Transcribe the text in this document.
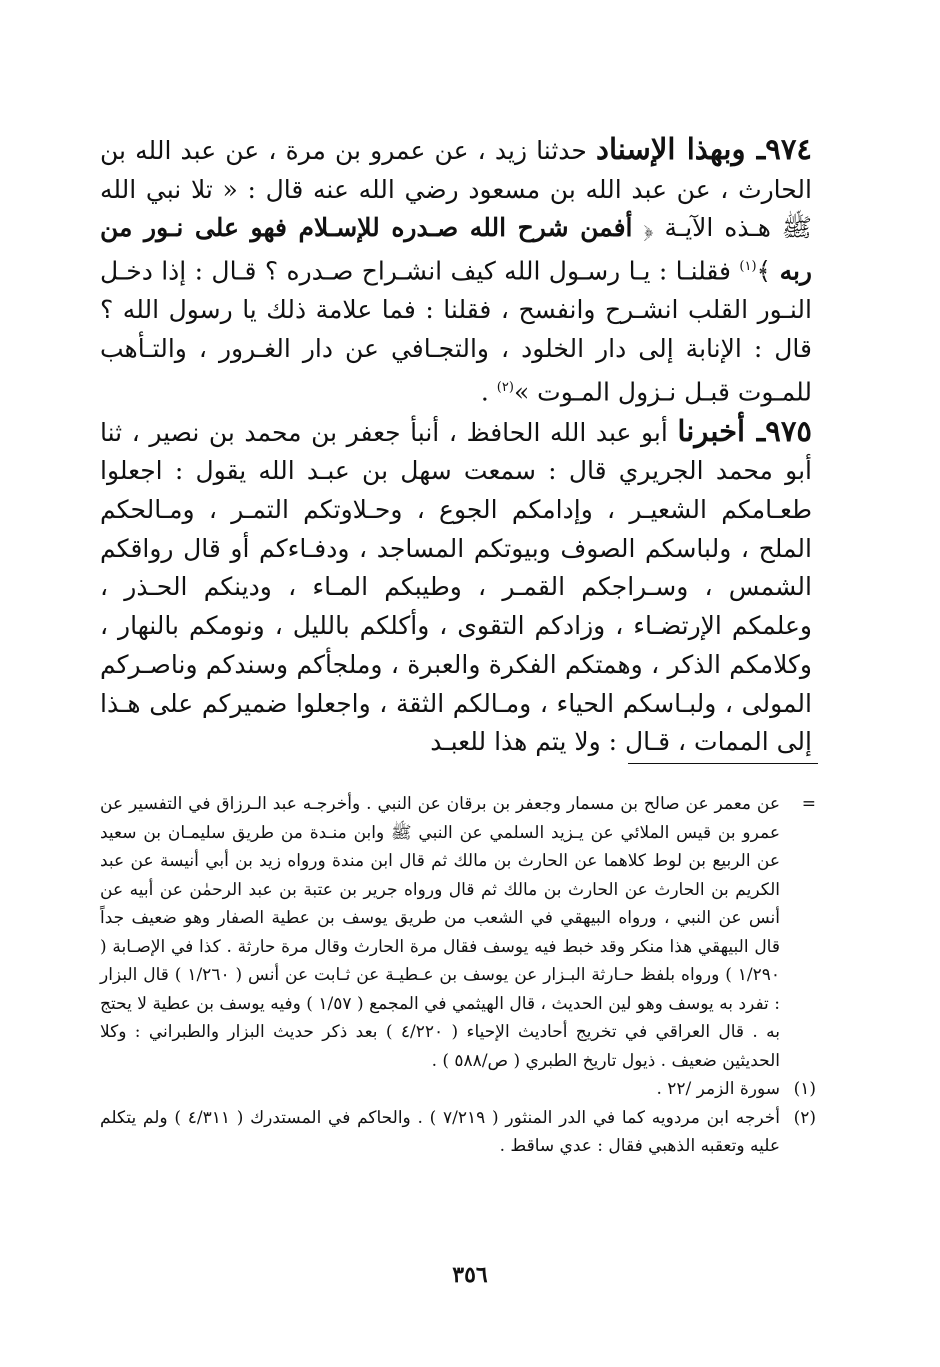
٩٧٤ـ وبهذا الإسناد حدثنا زيد ، عن عمرو بن مرة ، عن عبد الله بن الحارث ، عن عبد الله بن مسعود رضي الله عنه قال : « تلا نبي الله ﷺ هـذه الآيـة ﴿ أفمن شرح الله صـدره للإسـلام فهو على نـور من ربه ﴾$^{(١)}$ فقلنـا : يـا رسـول الله كيف انشـراح صـدره ؟ قـال : إذا دخـل النـور القلب انشـرح وانفسح ، فقلنا : فما علامة ذلك يا رسول الله ؟ قال : الإنابة إلى دار الخلود ، والتجـافي عن دار الغـرور ، والتـأهب للمـوت قبـل نـزول المـوت »$^{(٢)}$ .

٩٧٥ـ أخبرنا أبو عبد الله الحافظ ، أنبأ جعفر بن محمد بن نصير ، ثنا أبو محمد الجريري قال : سمعت سهل بن عبـد الله يقول : اجعلوا طعـامكم الشعيـر ، وإدامكم الجوع ، وحـلاوتكم التمـر ، ومـالحكم الملح ، ولباسكم الصوف وبيوتكم المساجد ، ودفـاءكم أو قال رواقكم الشمس ، وسـراجكم القمـر ، وطيبكم المـاء ، ودينكم الحـذر ، وعلمكم الإرتضـاء ، وزادكم التقوى ، وأكلكم بالليل ، ونومكم بالنهار ، وكلامكم الذكر ، وهمتكم الفكرة والعبرة ، وملجأكم وسندكم وناصـركم المولى ، ولبـاسكم الحياء ، ومـالكم الثقة ، واجعلوا ضميركم على هـذا إلى الممات ، قـال : ولا يتم هذا للعبـد

=
عن معمر عن صالح بن مسمار وجعفر بن برقان عن النبي . وأخرجـه عبد الـرزاق في التفسير عن عمرو بن قيس الملائي عن يـزيد السلمي عن النبي ﷺ وابن منـدة من طريق سليمـان بن سعيد عن الربيع بن لوط كلاهما عن الحارث بن مالك ثم قال ابن مندة ورواه زيد بن أبي أنيسة عن عبد الكريم بن الحارث عن الحارث بن مالك ثم قال ورواه جرير بن عتبة بن عبد الرحمٰن عن أبيه عن أنس عن النبي ، ورواه البيهقي في الشعب من طريق يوسف بن عطية الصفار وهو ضعيف جداً قال البيهقي هذا منكر وقد خبط فيه يوسف فقال مرة الحارث وقال مرة حارثة . كذا في الإصـابة ( ١/٢٩٠ ) ورواه بلفظ حـارثة البـزار عن يوسف بن عـطيـة عن ثـابت عن أنس ( ١/٢٦٠ ) قال البزار : تفرد به يوسف وهو لين الحديث ، قال الهيثمي في المجمع ( ١/٥٧ ) وفيه يوسف بن عطية لا يحتج به . قال العراقي في تخريج أحاديث الإحياء ( ٤/٢٢٠ ) بعد ذكر حديث البزار والطبراني : وكلا الحديثين ضعيف . ذيول تاريخ الطبري ( ص/٥٨٨ ) .
(١)
سورة الزمر /٢٢ .
(٢)
أخرجه ابن مردويه كما في الدر المنثور ( ٧/٢١٩ ) . والحاكم في المستدرك ( ٤/٣١١ ) ولم يتكلم عليه وتعقبه الذهبي فقال : عدي ساقط .
٣٥٦
